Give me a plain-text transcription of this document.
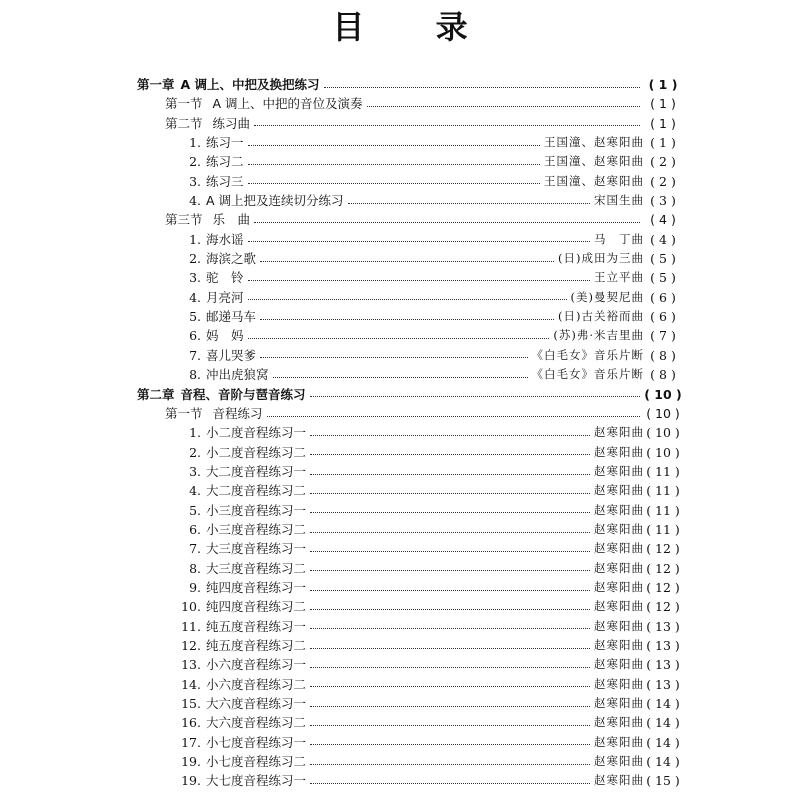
目 录
第一章 A 调上、中把及换把练习	( 1 )
第一节 A 调上、中把的音位及演奏	( 1 )
第二节 练习曲	( 1 )
1. 练习一	王国潼、赵寒阳曲 ( 1 )
2. 练习二	王国潼、赵寒阳曲 ( 2 )
3. 练习三	王国潼、赵寒阳曲 ( 2 )
4. A 调上把及连续切分练习	宋国生曲 ( 3 )
第三节 乐　曲	( 4 )
1. 海水谣	马　丁曲 ( 4 )
2. 海滨之歌	(日)成田为三曲 ( 5 )
3. 驼　铃	王立平曲 ( 5 )
4. 月亮河	(美)曼契尼曲 ( 6 )
5. 邮递马车	(日)古关裕而曲 ( 6 )
6. 妈　妈	(苏)弗·米吉里曲 ( 7 )
7. 喜儿哭爹	《白毛女》音乐片断 ( 8 )
8. 冲出虎狼窝	《白毛女》音乐片断 ( 8 )
第二章 音程、音阶与琶音练习	( 10 )
第一节 音程练习	( 10 )
1. 小二度音程练习一	赵寒阳曲 ( 10 )
2. 小二度音程练习二	赵寒阳曲 ( 10 )
3. 大二度音程练习一	赵寒阳曲 ( 11 )
4. 大二度音程练习二	赵寒阳曲 ( 11 )
5. 小三度音程练习一	赵寒阳曲 ( 11 )
6. 小三度音程练习二	赵寒阳曲 ( 11 )
7. 大三度音程练习一	赵寒阳曲 ( 12 )
8. 大三度音程练习二	赵寒阳曲 ( 12 )
9. 纯四度音程练习一	赵寒阳曲 ( 12 )
10. 纯四度音程练习二	赵寒阳曲 ( 12 )
11. 纯五度音程练习一	赵寒阳曲 ( 13 )
12. 纯五度音程练习二	赵寒阳曲 ( 13 )
13. 小六度音程练习一	赵寒阳曲 ( 13 )
14. 小六度音程练习二	赵寒阳曲 ( 13 )
15. 大六度音程练习一	赵寒阳曲 ( 14 )
16. 大六度音程练习二	赵寒阳曲 ( 14 )
17. 小七度音程练习一	赵寒阳曲 ( 14 )
19. 小七度音程练习二	赵寒阳曲 ( 14 )
19. 大七度音程练习一	赵寒阳曲 ( 15 )
